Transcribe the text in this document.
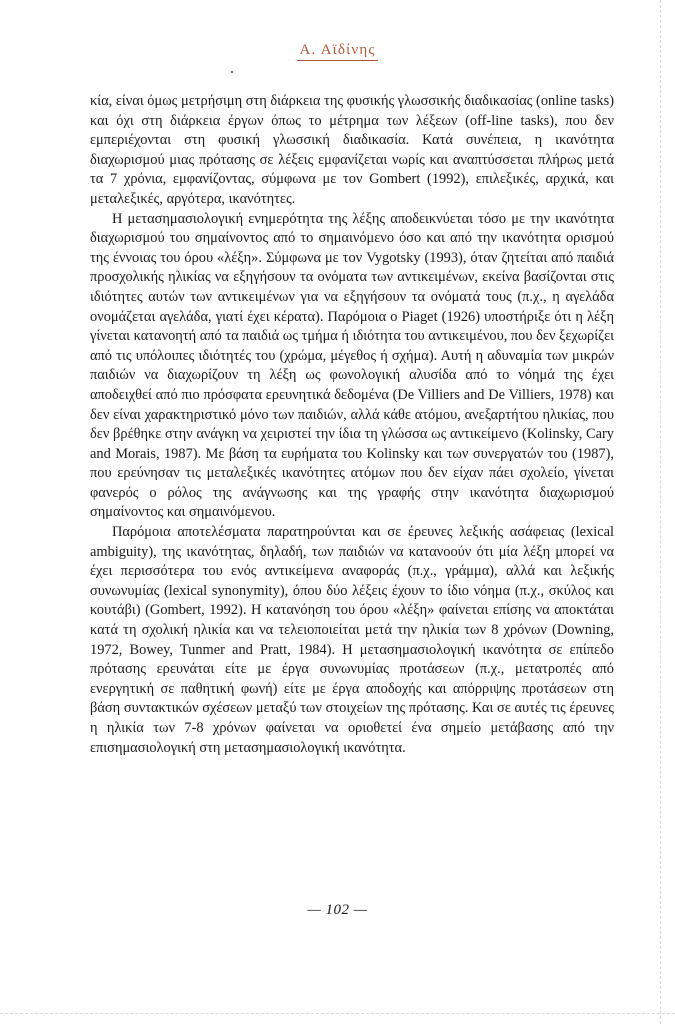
Α. Αϊδίνης

κία, είναι όμως μετρήσιμη στη διάρκεια της φυσικής γλωσσικής διαδικασίας (online tasks) και όχι στη διάρκεια έργων όπως το μέτρημα των λέξεων (off-line tasks), που δεν εμπεριέχονται στη φυσική γλωσσική διαδικασία. Κατά συνέπεια, η ικανότητα διαχωρισμού μιας πρότασης σε λέξεις εμφανίζεται νωρίς και αναπτύσσεται πλήρως μετά τα 7 χρόνια, εμφανίζοντας, σύμφωνα με τον Gombert (1992), επιλεξικές, αρχικά, και μεταλεξικές, αργότερα, ικανότητες.

Η μετασημασιολογική ενημερότητα της λέξης αποδεικνύεται τόσο με την ικανότητα διαχωρισμού του σημαίνοντος από το σημαινόμενο όσο και από την ικανότητα ορισμού της έννοιας του όρου «λέξη». Σύμφωνα με τον Vygotsky (1993), όταν ζητείται από παιδιά προσχολικής ηλικίας να εξηγήσουν τα ονόματα των αντικειμένων, εκείνα βασίζονται στις ιδιότητες αυτών των αντικειμένων για να εξηγήσουν τα ονόματά τους (π.χ., η αγελάδα ονομάζεται αγελάδα, γιατί έχει κέρατα). Παρόμοια ο Piaget (1926) υποστήριξε ότι η λέξη γίνεται κατανοητή από τα παιδιά ως τμήμα ή ιδιότητα του αντικειμένου, που δεν ξεχωρίζει από τις υπόλοιπες ιδιότητές του (χρώμα, μέγεθος ή σχήμα). Αυτή η αδυναμία των μικρών παιδιών να διαχωρίζουν τη λέξη ως φωνολογική αλυσίδα από το νόημά της έχει αποδειχθεί από πιο πρόσφατα ερευνητικά δεδομένα (De Villiers and De Villiers, 1978) και δεν είναι χαρακτηριστικό μόνο των παιδιών, αλλά κάθε ατόμου, ανεξαρτήτου ηλικίας, που δεν βρέθηκε στην ανάγκη να χειριστεί την ίδια τη γλώσσα ως αντικείμενο (Kolinsky, Cary and Morais, 1987). Με βάση τα ευρήματα του Kolinsky και των συνεργατών του (1987), που ερεύνησαν τις μεταλεξικές ικανότητες ατόμων που δεν είχαν πάει σχολείο, γίνεται φανερός ο ρόλος της ανάγνωσης και της γραφής στην ικανότητα διαχωρισμού σημαίνοντος και σημαινόμενου.

Παρόμοια αποτελέσματα παρατηρούνται και σε έρευνες λεξικής ασάφειας (lexical ambiguity), της ικανότητας, δηλαδή, των παιδιών να κατανοούν ότι μία λέξη μπορεί να έχει περισσότερα του ενός αντικείμενα αναφοράς (π.χ., γράμμα), αλλά και λεξικής συνωνυμίας (lexical synonymity), όπου δύο λέξεις έχουν το ίδιο νόημα (π.χ., σκύλος και κουτάβι) (Gombert, 1992). Η κατανόηση του όρου «λέξη» φαίνεται επίσης να αποκτάται κατά τη σχολική ηλικία και να τελειοποιείται μετά την ηλικία των 8 χρόνων (Downing, 1972, Bowey, Tunmer and Pratt, 1984). Η μετασημασιολογική ικανότητα σε επίπεδο πρότασης ερευνάται είτε με έργα συνωνυμίας προτάσεων (π.χ., μετατροπές από ενεργητική σε παθητική φωνή) είτε με έργα αποδοχής και απόρριψης προτάσεων στη βάση συντακτικών σχέσεων μεταξύ των στοιχείων της πρότασης. Και σε αυτές τις έρευνες η ηλικία των 7-8 χρόνων φαίνεται να οριοθετεί ένα σημείο μετάβασης από την επισημασιολογική στη μετασημασιολογική ικανότητα.

— 102 —
